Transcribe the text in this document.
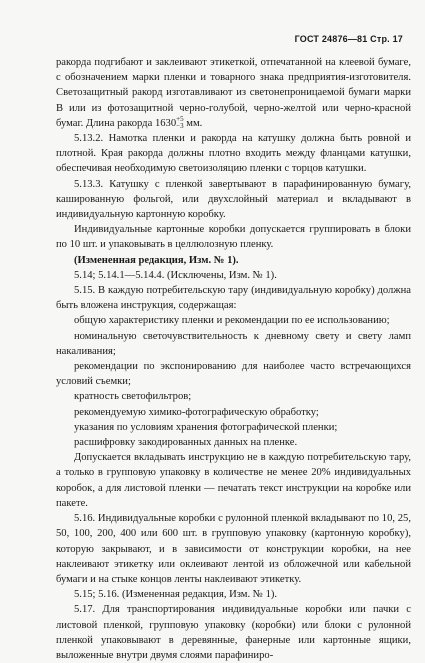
ГОСТ 24876—81 Стр. 17

ракорда подгибают и заклеивают этикеткой, отпечатанной на клеевой бумаге, с обозначением марки пленки и товарного знака предприятия-изготовителя. Светозащитный ракорд изготавливают из светонепроницаемой бумаги марки В или из фотозащитной черно-голубой, черно-желтой или черно-красной бумаг. Длина ракорда 1630+5
−3 мм.

5.13.2. Намотка пленки и ракорда на катушку должна быть ровной и плотной. Края ракорда должны плотно входить между фланцами катушки, обеспечивая необходимую светоизоляцию пленки с торцов катушки.

5.13.3. Катушку с пленкой завертывают в парафинированную бумагу, кашированную фольгой, или двухслойный материал и вкладывают в индивидуальную картонную коробку.

Индивидуальные картонные коробки допускается группировать в блоки по 10 шт. и упаковывать в целлюлозную пленку.

(Измененная редакция, Изм. № 1).

5.14; 5.14.1—5.14.4. (Исключены, Изм. № 1).

5.15. В каждую потребительскую тару (индивидуальную коробку) должна быть вложена инструкция, содержащая:

общую характеристику пленки и рекомендации по ее использованию;

номинальную светочувствительность к дневному свету и свету ламп накаливания;

рекомендации по экспонированию для наиболее часто встречающихся условий съемки;

кратность светофильтров;

рекомендуемую химико-фотографическую обработку;

указания по условиям хранения фотографической пленки;

расшифровку закодированных данных на пленке.

Допускается вкладывать инструкцию не в каждую потребительскую тару, а только в групповую упаковку в количестве не менее 20% индивидуальных коробок, а для листовой пленки — печатать текст инструкции на коробке или пакете.

5.16. Индивидуальные коробки с рулонной пленкой вкладывают по 10, 25, 50, 100, 200, 400 или 600 шт. в групповую упаковку (картонную коробку), которую закрывают, и в зависимости от конструкции коробки, на нее наклеивают этикетку или оклеивают лентой из обложечной или кабельной бумаги и на стыке концов ленты наклеивают этикетку.

5.15; 5.16. (Измененная редакция, Изм. № 1).

5.17. Для транспортирования индивидуальные коробки или пачки с листовой пленкой, групповую упаковку (коробки) или блоки с рулонной пленкой упаковывают в деревянные, фанерные или картонные ящики, выложенные внутри двумя слоями парафиниро-
